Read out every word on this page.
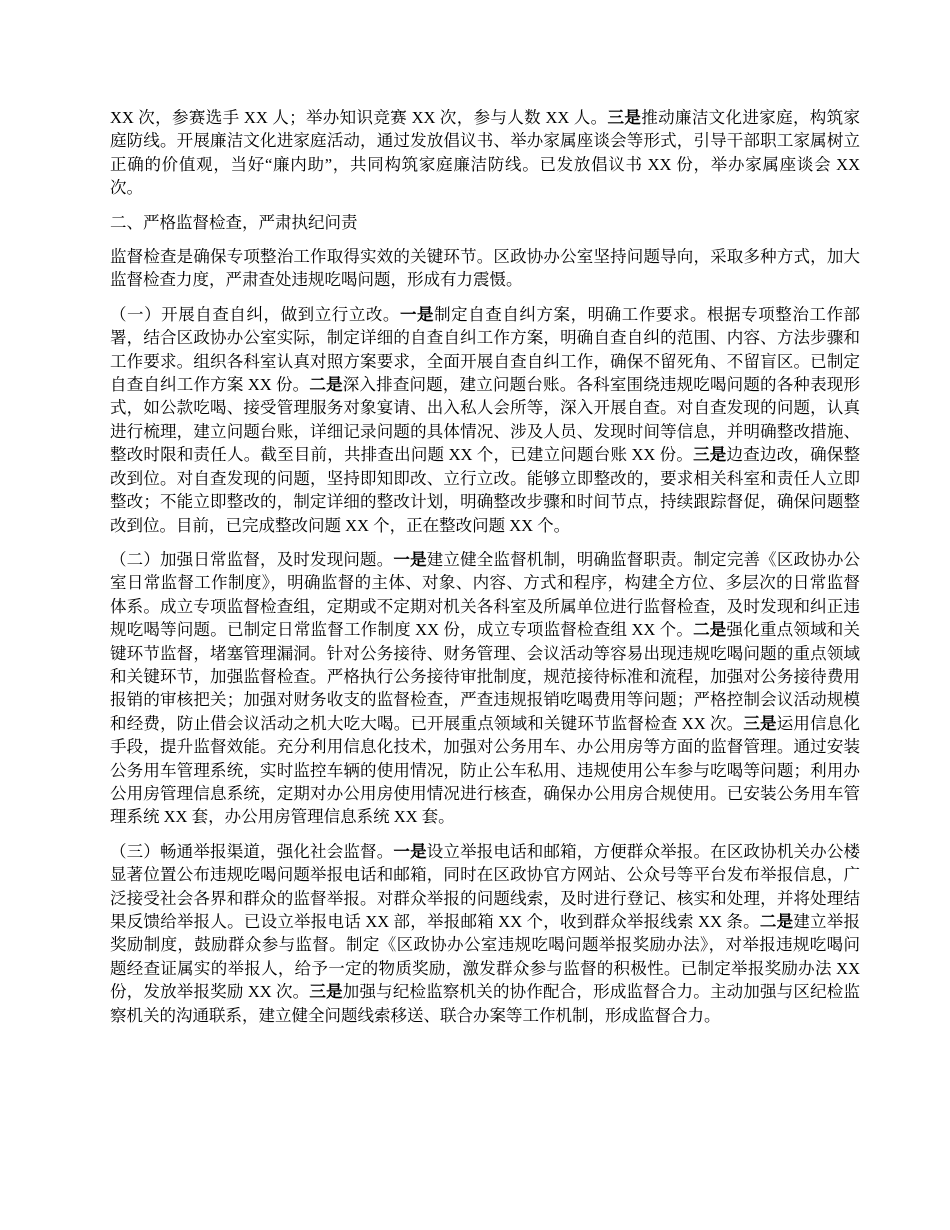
XX 次，参赛选手 XX 人；举办知识竞赛 XX 次，参与人数 XX 人。三是推动廉洁文化进家庭，构筑家庭防线。开展廉洁文化进家庭活动，通过发放倡议书、举办家属座谈会等形式，引导干部职工家属树立正确的价值观，当好“廉内助”，共同构筑家庭廉洁防线。已发放倡议书 XX 份，举办家属座谈会 XX 次。

二、严格监督检查，严肃执纪问责

监督检查是确保专项整治工作取得实效的关键环节。区政协办公室坚持问题导向，采取多种方式，加大监督检查力度，严肃查处违规吃喝问题，形成有力震慑。

（一）开展自查自纠，做到立行立改。一是制定自查自纠方案，明确工作要求。根据专项整治工作部署，结合区政协办公室实际，制定详细的自查自纠工作方案，明确自查自纠的范围、内容、方法步骤和工作要求。组织各科室认真对照方案要求，全面开展自查自纠工作，确保不留死角、不留盲区。已制定自查自纠工作方案 XX 份。二是深入排查问题，建立问题台账。各科室围绕违规吃喝问题的各种表现形式，如公款吃喝、接受管理服务对象宴请、出入私人会所等，深入开展自查。对自查发现的问题，认真进行梳理，建立问题台账，详细记录问题的具体情况、涉及人员、发现时间等信息，并明确整改措施、整改时限和责任人。截至目前，共排查出问题 XX 个，已建立问题台账 XX 份。三是边查边改，确保整改到位。对自查发现的问题，坚持即知即改、立行立改。能够立即整改的，要求相关科室和责任人立即整改；不能立即整改的，制定详细的整改计划，明确整改步骤和时间节点，持续跟踪督促，确保问题整改到位。目前，已完成整改问题 XX 个，正在整改问题 XX 个。

（二）加强日常监督，及时发现问题。一是建立健全监督机制，明确监督职责。制定完善《区政协办公室日常监督工作制度》，明确监督的主体、对象、内容、方式和程序，构建全方位、多层次的日常监督体系。成立专项监督检查组，定期或不定期对机关各科室及所属单位进行监督检查，及时发现和纠正违规吃喝等问题。已制定日常监督工作制度 XX 份，成立专项监督检查组 XX 个。二是强化重点领域和关键环节监督，堵塞管理漏洞。针对公务接待、财务管理、会议活动等容易出现违规吃喝问题的重点领域和关键环节，加强监督检查。严格执行公务接待审批制度，规范接待标准和流程，加强对公务接待费用报销的审核把关；加强对财务收支的监督检查，严查违规报销吃喝费用等问题；严格控制会议活动规模和经费，防止借会议活动之机大吃大喝。已开展重点领域和关键环节监督检查 XX 次。三是运用信息化手段，提升监督效能。充分利用信息化技术，加强对公务用车、办公用房等方面的监督管理。通过安装公务用车管理系统，实时监控车辆的使用情况，防止公车私用、违规使用公车参与吃喝等问题；利用办公用房管理信息系统，定期对办公用房使用情况进行核查，确保办公用房合规使用。已安装公务用车管理系统 XX 套，办公用房管理信息系统 XX 套。

（三）畅通举报渠道，强化社会监督。一是设立举报电话和邮箱，方便群众举报。在区政协机关办公楼显著位置公布违规吃喝问题举报电话和邮箱，同时在区政协官方网站、公众号等平台发布举报信息，广泛接受社会各界和群众的监督举报。对群众举报的问题线索，及时进行登记、核实和处理，并将处理结果反馈给举报人。已设立举报电话 XX 部，举报邮箱 XX 个，收到群众举报线索 XX 条。二是建立举报奖励制度，鼓励群众参与监督。制定《区政协办公室违规吃喝问题举报奖励办法》，对举报违规吃喝问题经查证属实的举报人，给予一定的物质奖励，激发群众参与监督的积极性。已制定举报奖励办法 XX 份，发放举报奖励 XX 次。三是加强与纪检监察机关的协作配合，形成监督合力。主动加强与区纪检监察机关的沟通联系，建立健全问题线索移送、联合办案等工作机制，形成监督合力。
